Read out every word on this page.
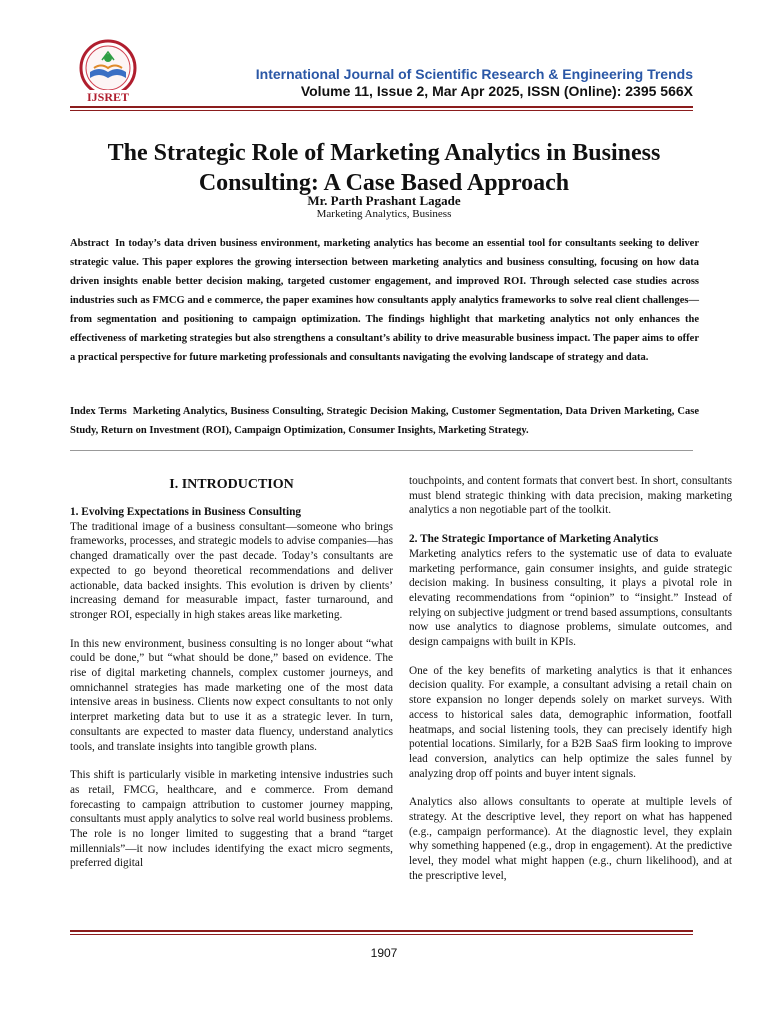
IJSRET
International Journal of Scientific Research & Engineering Trends
Volume 11, Issue 2, Mar Apr 2025, ISSN (Online): 2395 566X
The Strategic Role of Marketing Analytics in Business Consulting: A Case Based Approach
Mr. Parth Prashant Lagade
Marketing Analytics, Business

Abstract In today’s data driven business environment, marketing analytics has become an essential tool for consultants seeking to deliver strategic value. This paper explores the growing intersection between marketing analytics and business consulting, focusing on how data driven insights enable better decision making, targeted customer engagement, and improved ROI. Through selected case studies across industries such as FMCG and e commerce, the paper examines how consultants apply analytics frameworks to solve real client challenges—from segmentation and positioning to campaign optimization. The findings highlight that marketing analytics not only enhances the effectiveness of marketing strategies but also strengthens a consultant’s ability to drive measurable business impact. The paper aims to offer a practical perspective for future marketing professionals and consultants navigating the evolving landscape of strategy and data.

Index Terms Marketing Analytics, Business Consulting, Strategic Decision Making, Customer Segmentation, Data Driven Marketing, Case Study, Return on Investment (ROI), Campaign Optimization, Consumer Insights, Marketing Strategy.

I. INTRODUCTION
1. Evolving Expectations in Business Consulting

The traditional image of a business consultant—someone who brings frameworks, processes, and strategic models to advise companies—has changed dramatically over the past decade. Today’s consultants are expected to go beyond theoretical recommendations and deliver actionable, data backed insights. This evolution is driven by clients’ increasing demand for measurable impact, faster turnaround, and stronger ROI, especially in high stakes areas like marketing.

In this new environment, business consulting is no longer about “what could be done,” but “what should be done,” based on evidence. The rise of digital marketing channels, complex customer journeys, and omnichannel strategies has made marketing one of the most data intensive areas in business. Clients now expect consultants to not only interpret marketing data but to use it as a strategic lever. In turn, consultants are expected to master data fluency, understand analytics tools, and translate insights into tangible growth plans.

This shift is particularly visible in marketing intensive industries such as retail, FMCG, healthcare, and e commerce. From demand forecasting to campaign attribution to customer journey mapping, consultants must apply analytics to solve real world business problems. The role is no longer limited to suggesting that a brand “target millennials”—it now includes identifying the exact micro segments, preferred digital

touchpoints, and content formats that convert best. In short, consultants must blend strategic thinking with data precision, making marketing analytics a non negotiable part of the toolkit.

2. The Strategic Importance of Marketing Analytics

Marketing analytics refers to the systematic use of data to evaluate marketing performance, gain consumer insights, and guide strategic decision making. In business consulting, it plays a pivotal role in elevating recommendations from “opinion” to “insight.” Instead of relying on subjective judgment or trend based assumptions, consultants now use analytics to diagnose problems, simulate outcomes, and design campaigns with built in KPIs.

One of the key benefits of marketing analytics is that it enhances decision quality. For example, a consultant advising a retail chain on store expansion no longer depends solely on market surveys. With access to historical sales data, demographic information, footfall heatmaps, and social listening tools, they can precisely identify high potential locations. Similarly, for a B2B SaaS firm looking to improve lead conversion, analytics can help optimize the sales funnel by analyzing drop off points and buyer intent signals.

Analytics also allows consultants to operate at multiple levels of strategy. At the descriptive level, they report on what has happened (e.g., campaign performance). At the diagnostic level, they explain why something happened (e.g., drop in engagement). At the predictive level, they model what might happen (e.g., churn likelihood), and at the prescriptive level,

1907
